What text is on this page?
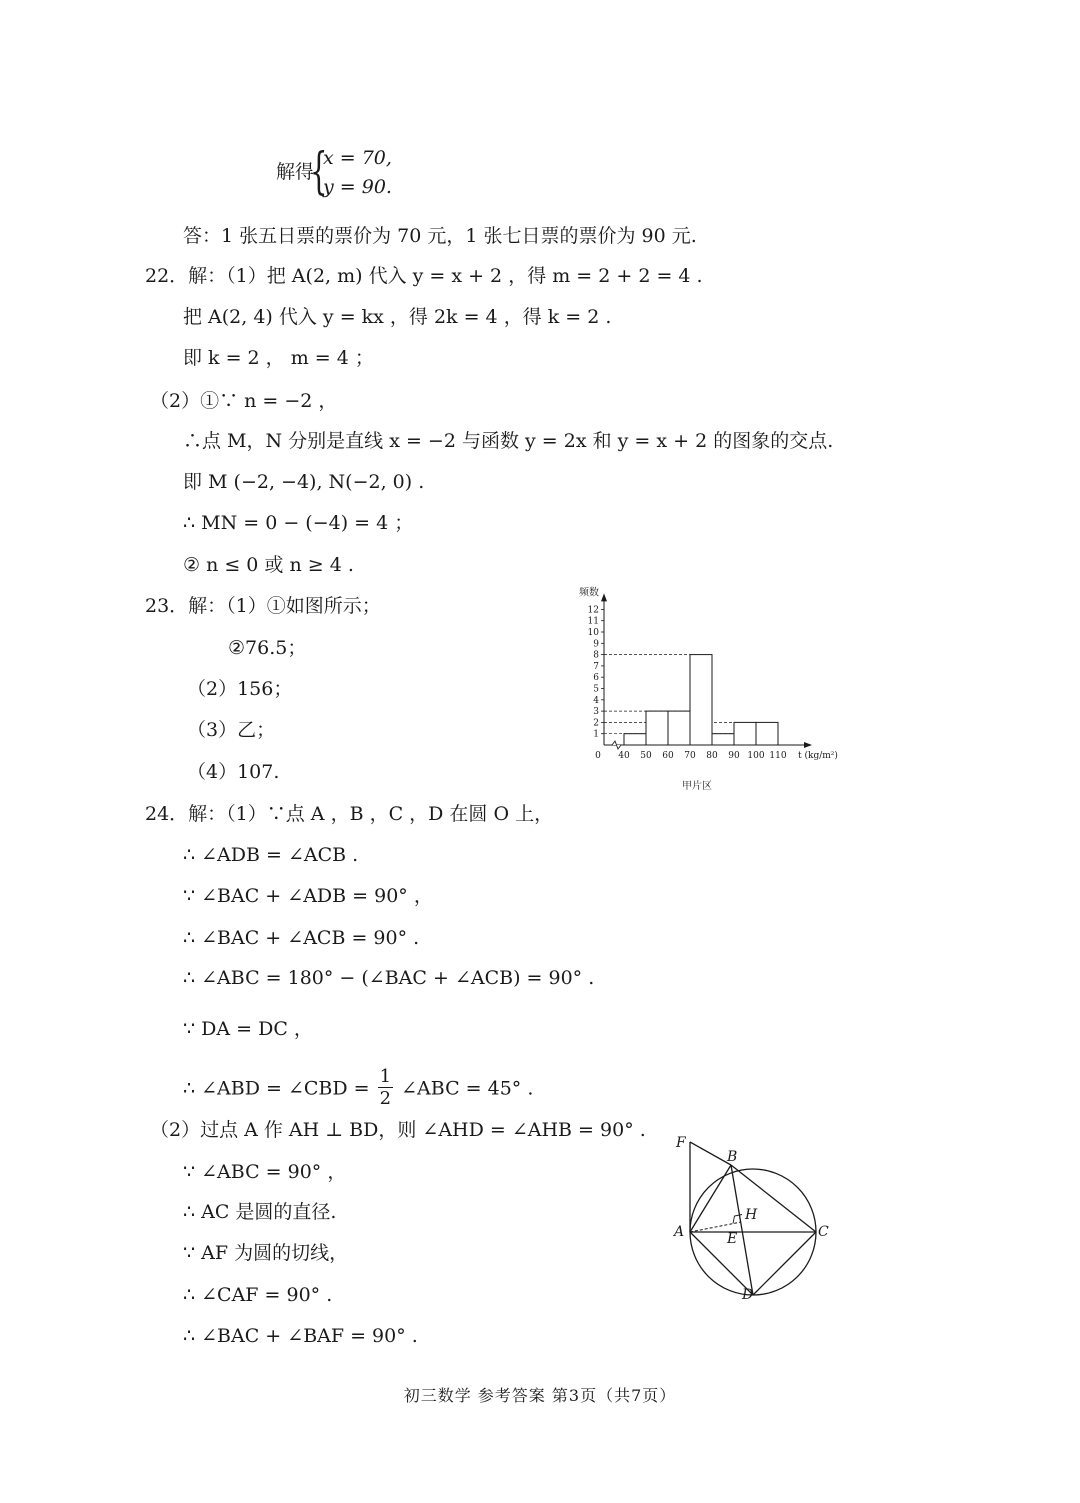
解得
{
x = 70,
y = 90.
答：1 张五日票的票价为 70 元，1 张七日票的票价为 90 元.
22．解：（1）把 A(2, m) 代入 y = x + 2 ，得 m = 2 + 2 = 4 .
把 A(2, 4) 代入 y = kx ，得 2k = 4 ，得 k = 2 .
即 k = 2 ， m = 4 ；
（2）①∵ n = −2 ，
∴点 M，N 分别是直线 x = −2 与函数 y = 2x 和 y = x + 2 的图象的交点.
即 M (−2, −4), N(−2, 0) .
∴ MN = 0 − (−4) = 4 ；
② n ≤ 0 或 n ≥ 4 .
23．解：（1）①如图所示；
②76.5；
（2）156；
（3）乙；
（4）107.
1
2
3
4
5
6
7
8
9
10
11
12
0 40 50 60 70 80 90 100 110
频数
t (kg/m²)
甲片区
24．解：（1）∵点 A ，B ，C ，D 在圆 O 上，
∴ ∠ADB = ∠ACB .
∵ ∠BAC + ∠ADB = 90° ，
∴ ∠BAC + ∠ACB = 90° .
∴ ∠ABC = 180° − (∠BAC + ∠ACB) = 90° .
∵ DA = DC ，
∴ ∠ABD = ∠CBD = $\frac{1}{2}$ ∠ABC = 45° .
（2）过点 A 作 AH ⊥ BD，则 ∠AHD = ∠AHB = 90° .
∵ ∠ABC = 90° ，
∴ AC 是圆的直径.
∵ AF 为圆的切线，
∴ ∠CAF = 90° .
∴ ∠BAC + ∠BAF = 90° .
F
B
A
H
E	C
D
初三数学 参考答案 第3页（共7页）
